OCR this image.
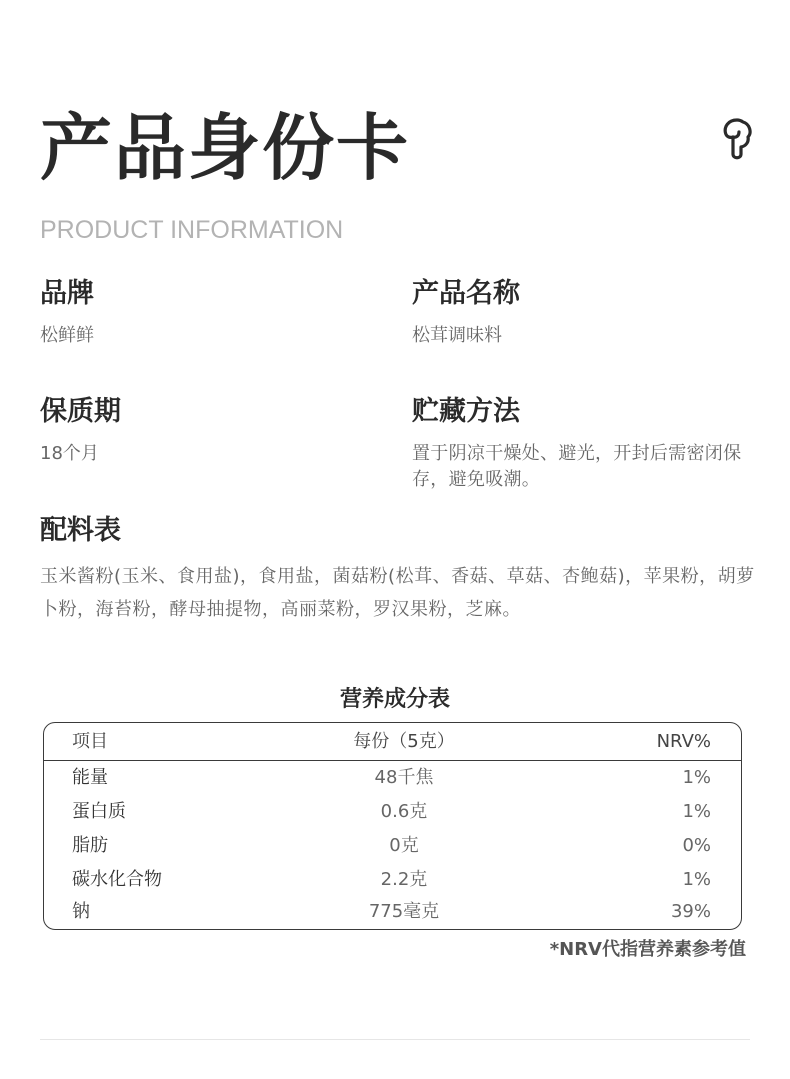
产品身份卡
PRODUCT INFORMATION
品牌
松鲜鲜
产品名称
松茸调味料
保质期
18个月
贮藏方法
置于阴凉干燥处、避光，开封后需密闭保存，避免吸潮。
配料表
玉米酱粉(玉米、食用盐)，食用盐，菌菇粉(松茸、香菇、草菇、杏鲍菇)，苹果粉，胡萝卜粉，海苔粉，酵母抽提物，高丽菜粉，罗汉果粉，芝麻。
营养成分表
项目	每份（5克）	NRV%
能量	48千焦	1%
蛋白质	0.6克	1%
脂肪	0克	0%
碳水化合物	2.2克	1%
钠	775毫克	39%
*NRV代指营养素参考值
